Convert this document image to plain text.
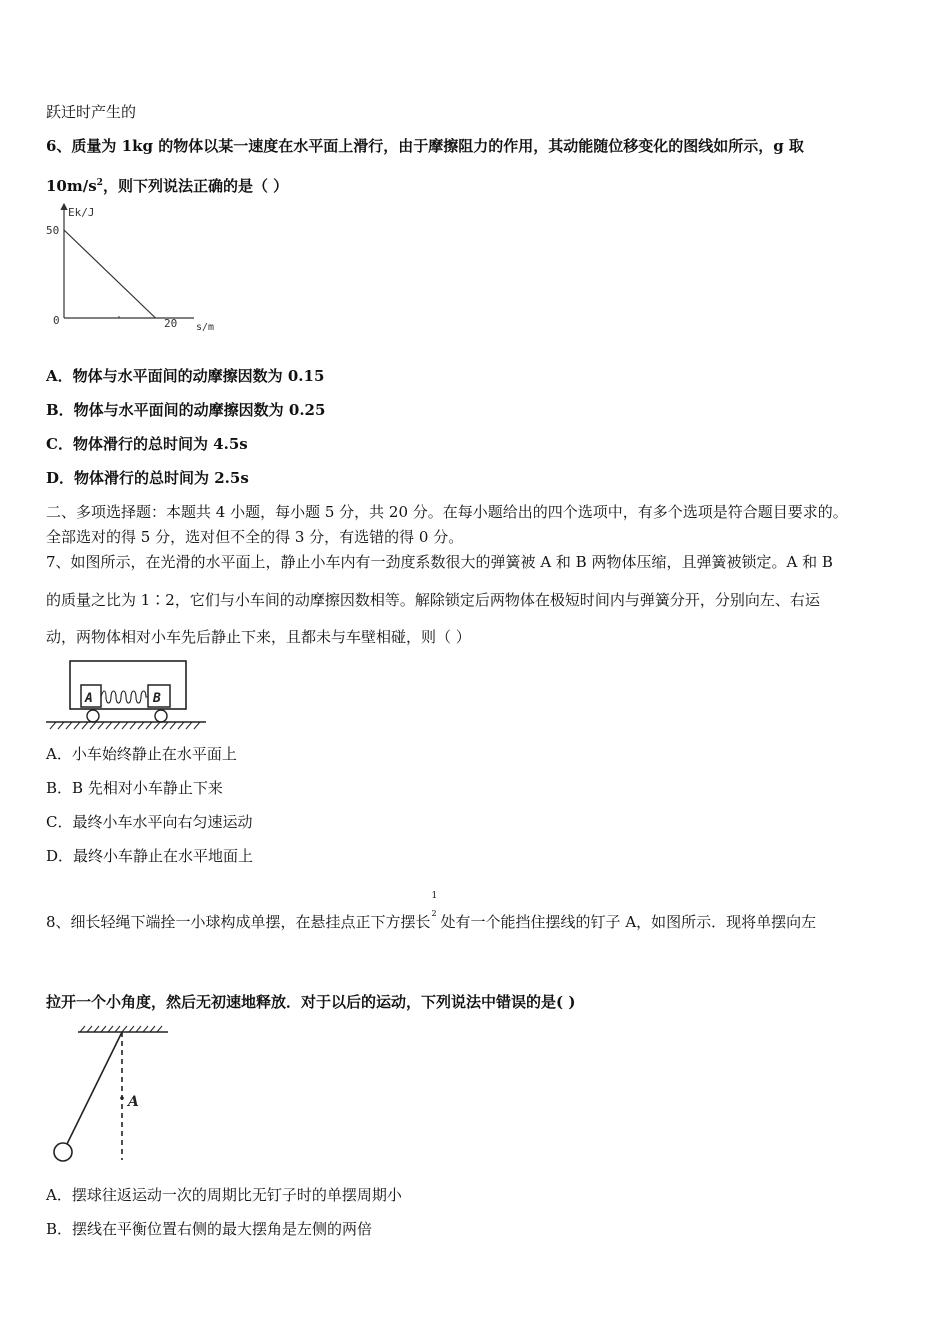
跃迁时产生的
6、质量为 1kg 的物体以某一速度在水平面上滑行，由于摩擦阻力的作用，其动能随位移变化的图线如所示，g 取
$10m/s^2$，则下列说法正确的是（ ）
Ek/J
50
0	20 s/m
A．物体与水平面间的动摩擦因数为 0.15
B．物体与水平面间的动摩擦因数为 0.25
C．物体滑行的总时间为 4.5s
D．物体滑行的总时间为 2.5s
二、多项选择题：本题共 4 小题，每小题 5 分，共 20 分。在每小题给出的四个选项中，有多个选项是符合题目要求的。
全部选对的得 5 分，选对但不全的得 3 分，有选错的得 0 分。
7、如图所示，在光滑的水平面上，静止小车内有一劲度系数很大的弹簧被 A 和 B 两物体压缩，且弹簧被锁定。A 和 B
的质量之比为 1∶2，它们与小车间的动摩擦因数相等。解除锁定后两物体在极短时间内与弹簧分开，分别向左、右运
动，两物体相对小车先后静止下来，且都未与车壁相碰，则（ ）
A	B
A．小车始终静止在水平面上
B．B 先相对小车静止下来
C．最终小车水平向右匀速运动
D．最终小车静止在水平地面上
8、细长轻绳下端拴一小球构成单摆，在悬挂点正下方摆长
1
2 处有一个能挡住摆线的钉子 A，如图所示．现将单摆向左
拉开一个小角度，然后无初速地释放．对于以后的运动，下列说法中错误的是( )
A
A．摆球往返运动一次的周期比无钉子时的单摆周期小
B．摆线在平衡位置右侧的最大摆角是左侧的两倍
